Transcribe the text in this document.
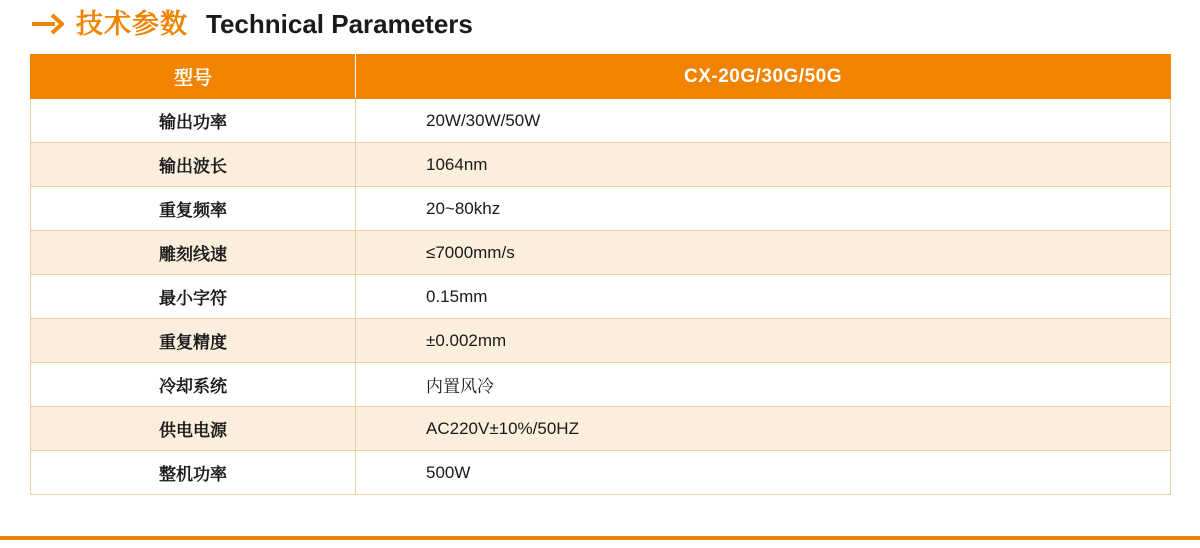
技术参数 Technical Parameters
型号	CX-20G/30G/50G
输出功率	20W/30W/50W
输出波长	1064nm
重复频率	20~80khz
雕刻线速	≤7000mm/s
最小字符	0.15mm
重复精度	±0.002mm
冷却系统	内置风冷
供电电源	AC220V±10%/50HZ
整机功率	500W
